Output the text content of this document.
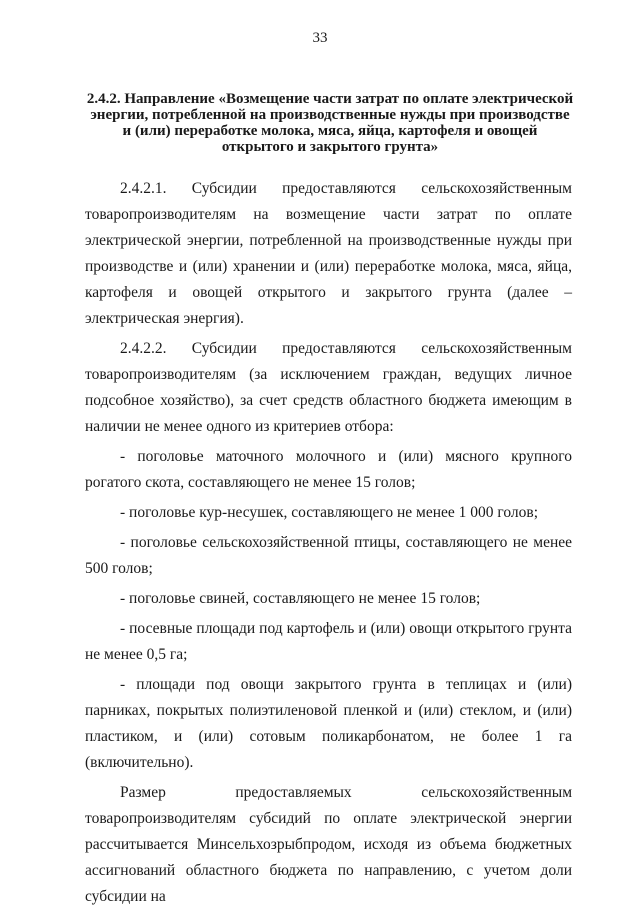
33
2.4.2. Направление «Возмещение части затрат по оплате электрической энергии, потребленной на производственные нужды при производстве и (или) переработке молока, мяса, яйца, картофеля и овощей открытого и закрытого грунта»

2.4.2.1. Субсидии предоставляются сельскохозяйственным товаропроизводителям на возмещение части затрат по оплате электрической энергии, потребленной на производственные нужды при производстве и (или) хранении и (или) переработке молока, мяса, яйца, картофеля и овощей открытого и закрытого грунта (далее – электрическая энергия).

2.4.2.2. Субсидии предоставляются сельскохозяйственным товаропроизводителям (за исключением граждан, ведущих личное подсобное хозяйство), за счет средств областного бюджета имеющим в наличии не менее одного из критериев отбора:

- поголовье маточного молочного и (или) мясного крупного рогатого скота, составляющего не менее 15 голов;

- поголовье кур-несушек, составляющего не менее 1 000 голов;

- поголовье сельскохозяйственной птицы, составляющего не менее 500 голов;

- поголовье свиней, составляющего не менее 15 голов;

- посевные площади под картофель и (или) овощи открытого грунта не менее 0,5 га;

- площади под овощи закрытого грунта в теплицах и (или) парниках, покрытых полиэтиленовой пленкой и (или) стеклом, и (или) пластиком, и (или) сотовым поликарбонатом, не более 1 га (включительно).

Размер предоставляемых сельскохозяйственным товаропроизводителям субсидий по оплате электрической энергии рассчитывается Минсельхозрыбпродом, исходя из объема бюджетных ассигнований областного бюджета по направлению, с учетом доли субсидии на
